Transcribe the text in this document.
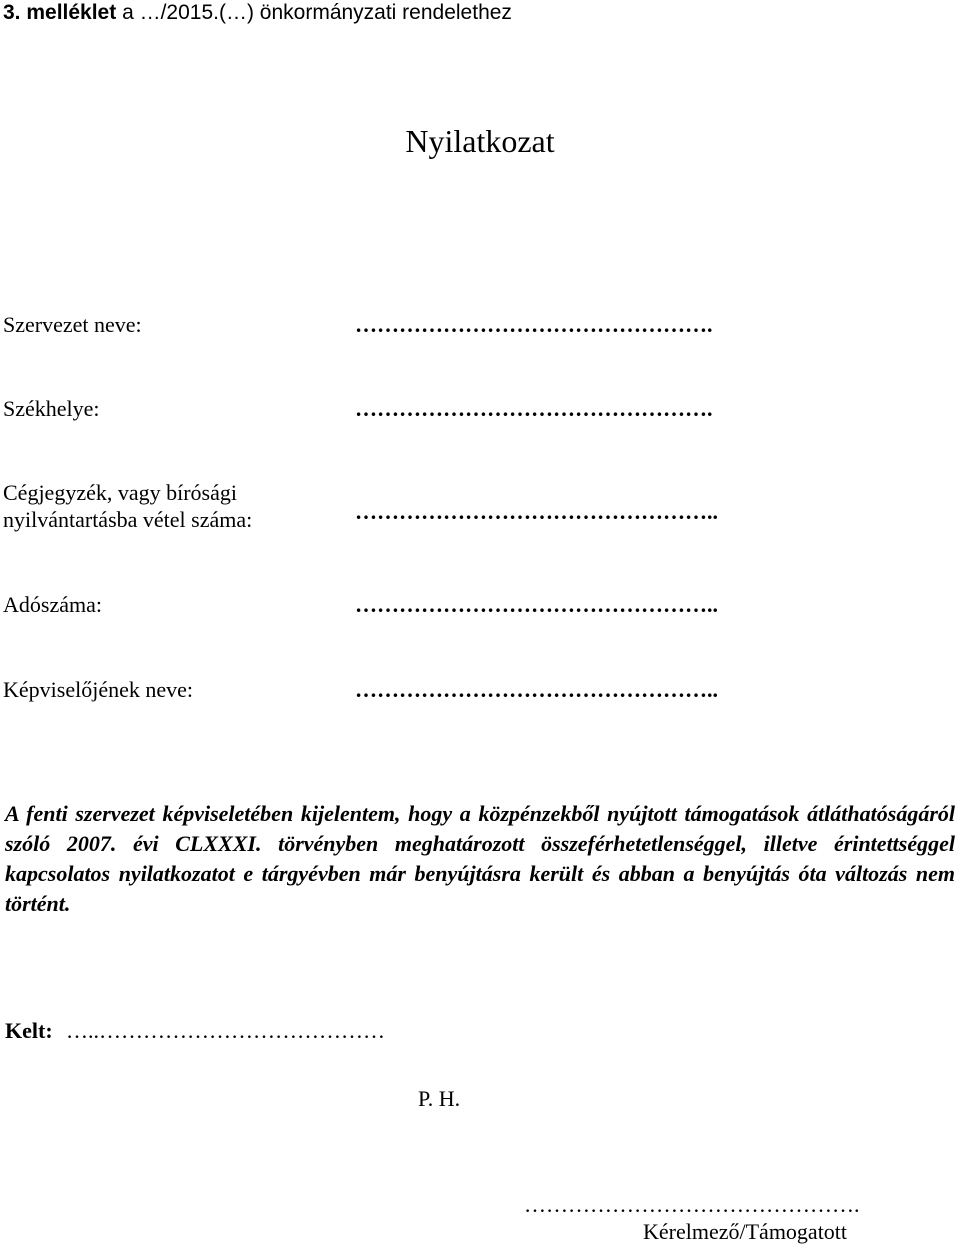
3. melléklet a …/2015.(…) önkormányzati rendelethez
Nyilatkozat
Szervezet neve:	………………………………………….
Székhelye:	………………………………………….
Cégjegyzék, vagy bírósági
nyilvántartásba vétel száma:	…………………………………………..
Adószáma:	…………………………………………..
Képviselőjének neve:	…………………………………………..

A fenti szervezet képviseletében kijelentem, hogy a közpénzekből nyújtott támogatások átláthatóságáról szóló 2007. évi CLXXXI. törvényben meghatározott összeférhetetlenséggel, illetve érintettséggel kapcsolatos nyilatkozatot e tárgyévben már benyújtásra került és abban a benyújtás óta változás nem történt.

Kelt: …..…………………………………
P. H.
……………………………………….
Kérelmező/Támogatott
